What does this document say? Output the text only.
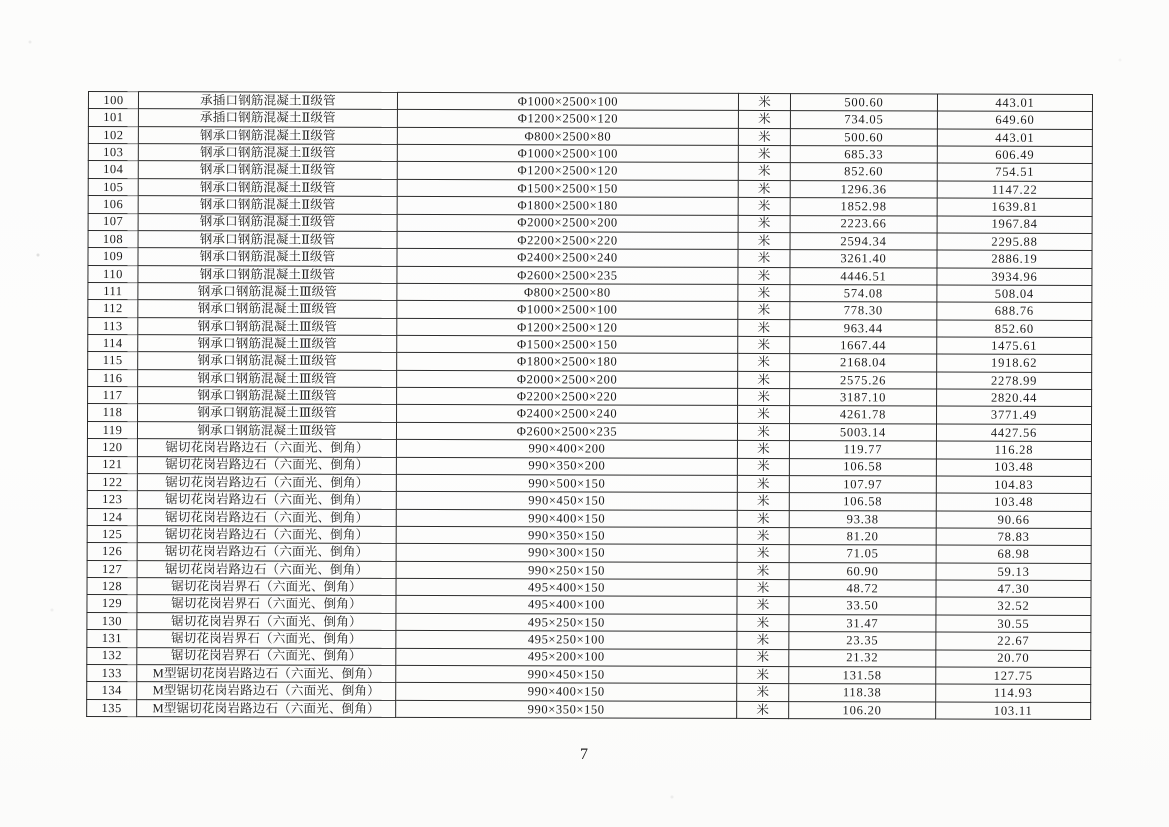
100	承插口钢筋混凝土Ⅱ级管	Φ1000×2500×100	米	500.60	443.01
101	承插口钢筋混凝土Ⅱ级管	Φ1200×2500×120	米	734.05	649.60
102	钢承口钢筋混凝土Ⅱ级管	Φ800×2500×80	米	500.60	443.01
103	钢承口钢筋混凝土Ⅱ级管	Φ1000×2500×100	米	685.33	606.49
104	钢承口钢筋混凝土Ⅱ级管	Φ1200×2500×120	米	852.60	754.51
105	钢承口钢筋混凝土Ⅱ级管	Φ1500×2500×150	米	1296.36	1147.22
106	钢承口钢筋混凝土Ⅱ级管	Φ1800×2500×180	米	1852.98	1639.81
107	钢承口钢筋混凝土Ⅱ级管	Φ2000×2500×200	米	2223.66	1967.84
108	钢承口钢筋混凝土Ⅱ级管	Φ2200×2500×220	米	2594.34	2295.88
109	钢承口钢筋混凝土Ⅱ级管	Φ2400×2500×240	米	3261.40	2886.19
110	钢承口钢筋混凝土Ⅱ级管	Φ2600×2500×235	米	4446.51	3934.96
111	钢承口钢筋混凝土Ⅲ级管	Φ800×2500×80	米	574.08	508.04
112	钢承口钢筋混凝土Ⅲ级管	Φ1000×2500×100	米	778.30	688.76
113	钢承口钢筋混凝土Ⅲ级管	Φ1200×2500×120	米	963.44	852.60
114	钢承口钢筋混凝土Ⅲ级管	Φ1500×2500×150	米	1667.44	1475.61
115	钢承口钢筋混凝土Ⅲ级管	Φ1800×2500×180	米	2168.04	1918.62
116	钢承口钢筋混凝土Ⅲ级管	Φ2000×2500×200	米	2575.26	2278.99
117	钢承口钢筋混凝土Ⅲ级管	Φ2200×2500×220	米	3187.10	2820.44
118	钢承口钢筋混凝土Ⅲ级管	Φ2400×2500×240	米	4261.78	3771.49
119	钢承口钢筋混凝土Ⅲ级管	Φ2600×2500×235	米	5003.14	4427.56
120	锯切花岗岩路边石（六面光、倒角）	990×400×200	米	119.77	116.28
121	锯切花岗岩路边石（六面光、倒角）	990×350×200	米	106.58	103.48
122	锯切花岗岩路边石（六面光、倒角）	990×500×150	米	107.97	104.83
123	锯切花岗岩路边石（六面光、倒角）	990×450×150	米	106.58	103.48
124	锯切花岗岩路边石（六面光、倒角）	990×400×150	米	93.38	90.66
125	锯切花岗岩路边石（六面光、倒角）	990×350×150	米	81.20	78.83
126	锯切花岗岩路边石（六面光、倒角）	990×300×150	米	71.05	68.98
127	锯切花岗岩路边石（六面光、倒角）	990×250×150	米	60.90	59.13
128	锯切花岗岩界石（六面光、倒角）	495×400×150	米	48.72	47.30
129	锯切花岗岩界石（六面光、倒角）	495×400×100	米	33.50	32.52
130	锯切花岗岩界石（六面光、倒角）	495×250×150	米	31.47	30.55
131	锯切花岗岩界石（六面光、倒角）	495×250×100	米	23.35	22.67
132	锯切花岗岩界石（六面光、倒角）	495×200×100	米	21.32	20.70
133	M型锯切花岗岩路边石（六面光、倒角）	990×450×150	米	131.58	127.75
134	M型锯切花岗岩路边石（六面光、倒角）	990×400×150	米	118.38	114.93
135	M型锯切花岗岩路边石（六面光、倒角）	990×350×150	米	106.20	103.11
7
